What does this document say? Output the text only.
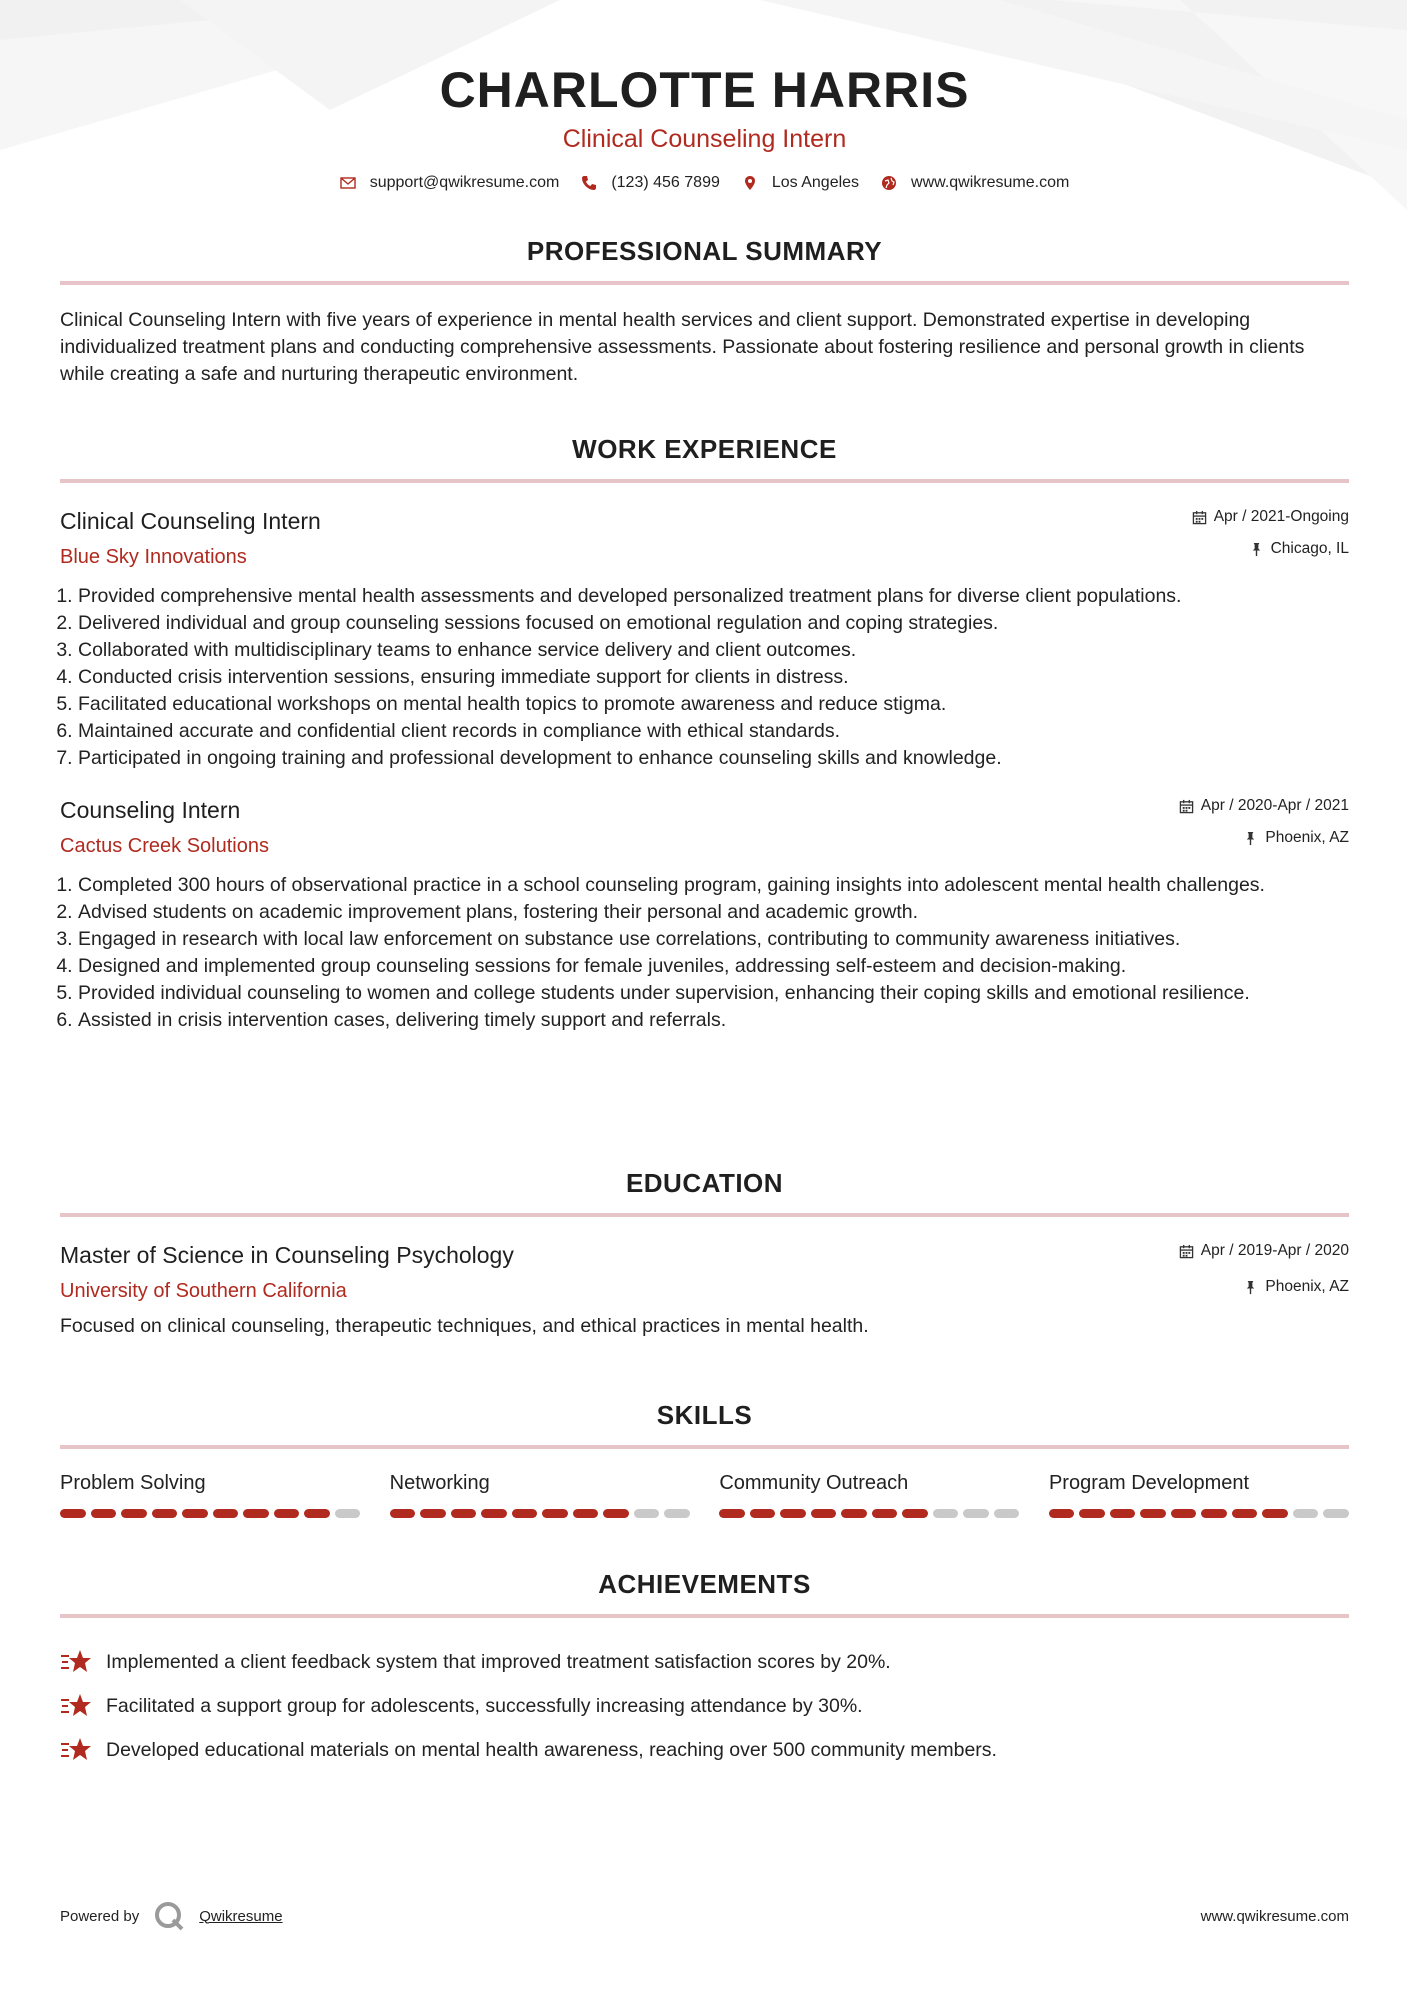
CHARLOTTE HARRIS
Clinical Counseling Intern
support@qwikresume.com	(123) 456 7899	Los Angeles	www.qwikresume.com
PROFESSIONAL SUMMARY

Clinical Counseling Intern with five years of experience in mental health services and client support. Demonstrated expertise in developing individualized treatment plans and conducting comprehensive assessments. Passionate about fostering resilience and personal growth in clients while creating a safe and nurturing therapeutic environment.

WORK EXPERIENCE
Clinical Counseling Intern
Blue Sky Innovations
Apr / 2021-Ongoing
Chicago, IL
1. Provided comprehensive mental health assessments and developed personalized treatment plans for diverse client populations.
2. Delivered individual and group counseling sessions focused on emotional regulation and coping strategies.
3. Collaborated with multidisciplinary teams to enhance service delivery and client outcomes.
4. Conducted crisis intervention sessions, ensuring immediate support for clients in distress.
5. Facilitated educational workshops on mental health topics to promote awareness and reduce stigma.
6. Maintained accurate and confidential client records in compliance with ethical standards.
7. Participated in ongoing training and professional development to enhance counseling skills and knowledge.
Counseling Intern
Cactus Creek Solutions
Apr / 2020-Apr / 2021
Phoenix, AZ
1. Completed 300 hours of observational practice in a school counseling program, gaining insights into adolescent mental health challenges.
2. Advised students on academic improvement plans, fostering their personal and academic growth.
3. Engaged in research with local law enforcement on substance use correlations, contributing to community awareness initiatives.
4. Designed and implemented group counseling sessions for female juveniles, addressing self-esteem and decision-making.
5. Provided individual counseling to women and college students under supervision, enhancing their coping skills and emotional resilience.
6. Assisted in crisis intervention cases, delivering timely support and referrals.
EDUCATION
Master of Science in Counseling Psychology
University of Southern California
Apr / 2019-Apr / 2020
Phoenix, AZ

Focused on clinical counseling, therapeutic techniques, and ethical practices in mental health.

SKILLS
Problem Solving	Networking	Community Outreach	Program Development
ACHIEVEMENTS
Implemented a client feedback system that improved treatment satisfaction scores by 20%.
Facilitated a support group for adolescents, successfully increasing attendance by 30%.
Developed educational materials on mental health awareness, reaching over 500 community members.
Powered by	Qwikresume	www.qwikresume.com
